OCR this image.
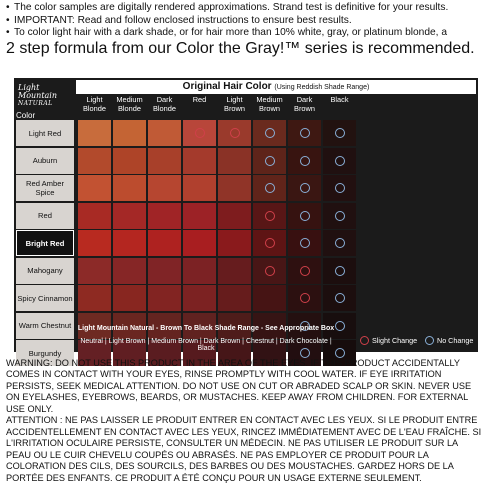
• The color samples are digitally rendered approximations. Strand test is definitive for your results.
• IMPORTANT: Read and follow enclosed instructions to ensure best results.
• To color light hair with a dark shade, or for hair more than 10% white, gray, or platinum blonde, a
2 step formula from our Color the Gray!™ series is recommended.
Light
Mountain
NATURAL
Original Hair Color (Using Reddish Shade Range)
Color
Light Blonde
Medium Blonde
Dark Blonde
Red	Light Brown
Medium Brown
Dark Brown
Black
Light Red
Auburn
Red Amber Spice
Red
Bright Red
Mahogany
Spicy Cinnamon
Warm Chestnut
Burgundy
Light Mountain Natural - Brown To Black Shade Range - See Appropriate Box
Neutral | Light Brown | Medium Brown | Dark Brown | Chestnut | Dark Chocolate | Black
Slight Change	No Change
WARNING: DO NOT USE THIS PRODUCT IN THE AREA OF THE EYES. IF THIS PRODUCT ACCIDENTALLY COMES IN CONTACT WITH YOUR EYES, RINSE PROMPTLY WITH COOL WATER. IF EYE IRRITATION PERSISTS, SEEK MEDICAL ATTENTION. DO NOT USE ON CUT OR ABRADED SCALP OR SKIN. NEVER USE ON EYELASHES, EYEBROWS, BEARDS, OR MUSTACHES. KEEP AWAY FROM CHILDREN. FOR EXTERNAL USE ONLY.
ATTENTION : NE PAS LAISSER LE PRODUIT ENTRER EN CONTACT AVEC LES YEUX. SI LE PRODUIT ENTRE ACCIDENTELLEMENT EN CONTACT AVEC LES YEUX, RINCEZ IMMÉDIATEMENT AVEC DE L'EAU FRAÎCHE. SI L'IRRITATION OCULAIRE PERSISTE, CONSULTER UN MÉDECIN. NE PAS UTILISER LE PRODUIT SUR LA PEAU OU LE CUIR CHEVELU COUPÉS OU ABRASÉS. NE PAS EMPLOYER CE PRODUIT POUR LA COLORATION DES CILS, DES SOURCILS, DES BARBES OU DES MOUSTACHES. GARDEZ HORS DE LA PORTÉE DES ENFANTS. CE PRODUIT A ÉTÉ CONÇU POUR UN USAGE EXTERNE SEULEMENT.
